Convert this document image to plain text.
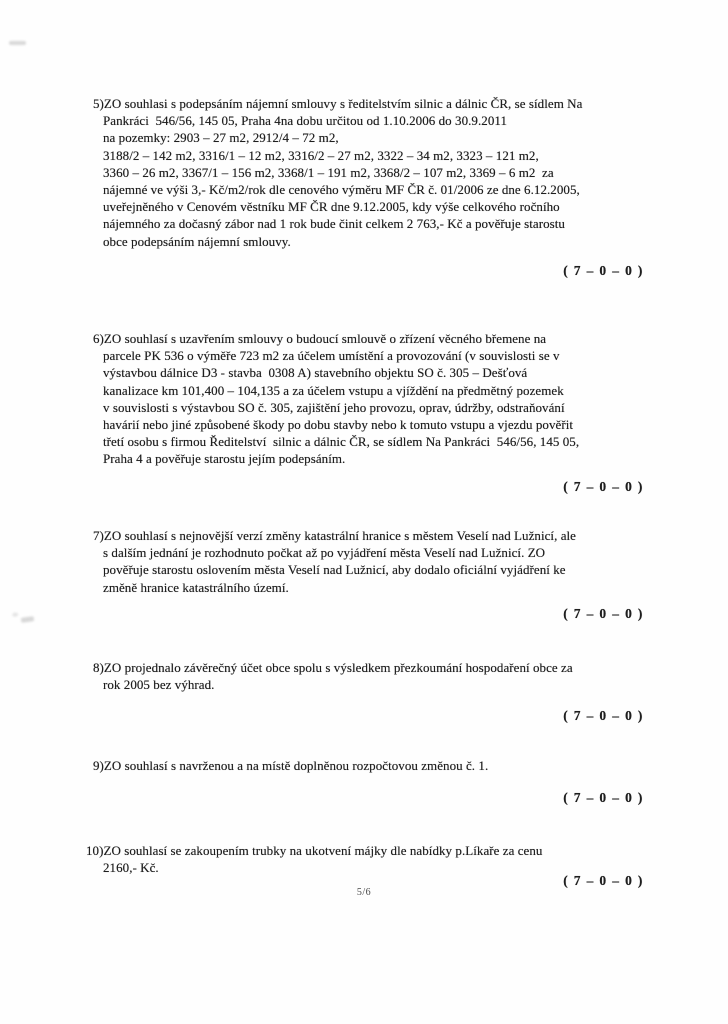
5)ZO souhlasi s podepsáním nájemní smlouvy s ředitelstvím silnic a dálnic ČR, se sídlem Na
Pankráci  546/56, 145 05, Praha 4na dobu určitou od 1.10.2006 do 30.9.2011
na pozemky: 2903 – 27 m2, 2912/4 – 72 m2,
3188/2 – 142 m2, 3316/1 – 12 m2, 3316/2 – 27 m2, 3322 – 34 m2, 3323 – 121 m2,
3360 – 26 m2, 3367/1 – 156 m2, 3368/1 – 191 m2, 3368/2 – 107 m2, 3369 – 6 m2  za
nájemné ve výši 3,- Kč/m2/rok dle cenového výměru MF ČR č. 01/2006 ze dne 6.12.2005,
uveřejněného v Cenovém věstníku MF ČR dne 9.12.2005, kdy výše celkového ročního
nájemného za dočasný zábor nad 1 rok bude činit celkem 2 763,- Kč a pověřuje starostu
obce podepsáním nájemní smlouvy.
( 7 – 0 – 0 )
6)ZO souhlasí s uzavřením smlouvy o budoucí smlouvě o zřízení věcného břemene na
parcele PK 536 o výměře 723 m2 za účelem umístění a provozování (v souvislosti se v
výstavbou dálnice D3 - stavba  0308 A) stavebního objektu SO č. 305 – Dešťová
kanalizace km 101,400 – 104,135 a za účelem vstupu a vjíždění na předmětný pozemek
v souvislosti s výstavbou SO č. 305, zajištění jeho provozu, oprav, údržby, odstraňování
havárií nebo jiné způsobené škody po dobu stavby nebo k tomuto vstupu a vjezdu pověřit
třetí osobu s firmou Ředitelství  silnic a dálnic ČR, se sídlem Na Pankráci  546/56, 145 05,
Praha 4 a pověřuje starostu jejím podepsáním.
( 7 – 0 – 0 )
7)ZO souhlasí s nejnovější verzí změny katastrální hranice s městem Veselí nad Lužnicí, ale
s dalším jednání je rozhodnuto počkat až po vyjádření města Veselí nad Lužnicí. ZO
pověřuje starostu oslovením města Veselí nad Lužnicí, aby dodalo oficiální vyjádření ke
změně hranice katastrálního území.
( 7 – 0 – 0 )
8)ZO projednalo závěrečný účet obce spolu s výsledkem přezkoumání hospodaření obce za
rok 2005 bez výhrad.
( 7 – 0 – 0 )
9)ZO souhlasí s navrženou a na místě doplněnou rozpočtovou změnou č. 1.
( 7 – 0 – 0 )
10)ZO souhlasí se zakoupením trubky na ukotvení májky dle nabídky p.Líkaře za cenu
2160,- Kč.
( 7 – 0 – 0 )
5/6
